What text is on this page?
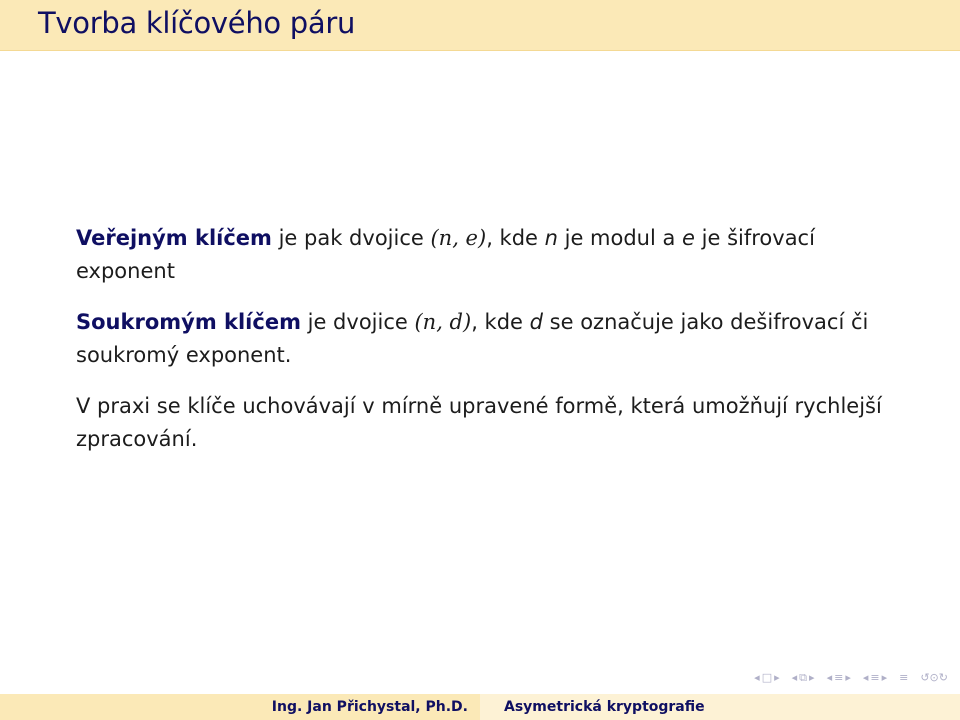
Tvorba klíčového páru

Veřejným klíčem je pak dvojice (n, e), kde n je modul a e je šifrovací exponent

Soukromým klíčem je dvojice (n, d), kde d se označuje jako dešifrovací či soukromý exponent.

V praxi se klíče uchovávají v mírně upravené formě, která umožňují rychlejší zpracování.

◂ □ ▸ ◂ ⧉ ▸ ◂ ≡ ▸ ◂ ≡ ▸ ≡ ↺⊙↻
Ing. Jan Přichystal, Ph.D.	Asymetrická kryptografie
